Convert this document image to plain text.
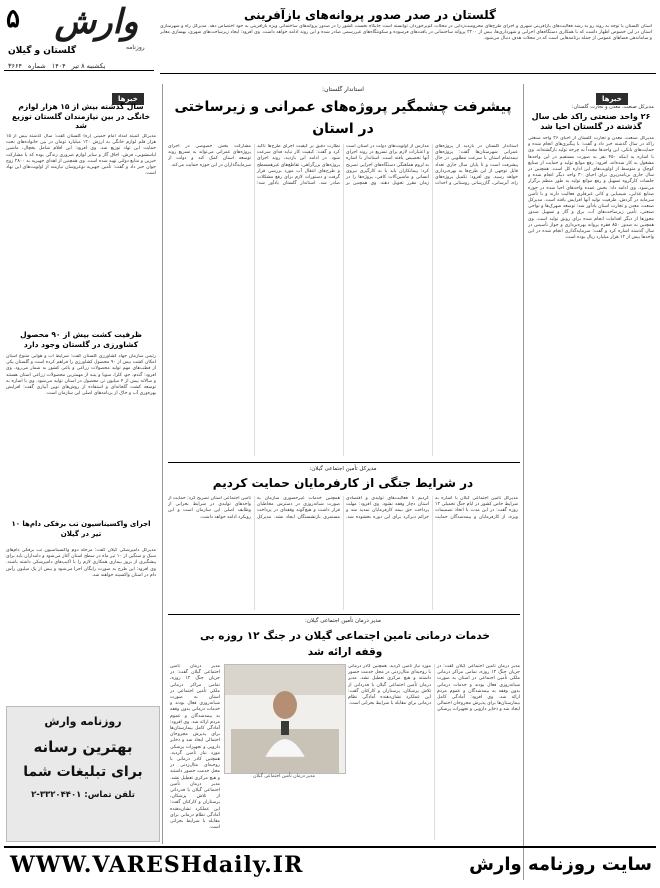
۵	وارش
روزنامه
گلستان و گیلان
یکشنبه ۸ تیر
۱۴۰۴
شماره
۳۶۶۴
گلستان در صدر صدور پروانه‌های بازآفرینی
استان گلستان با توجه به روند رو به رشد فعالیت‌های بازآفرینی شهری و اجرای طرح‌های محرومیت‌زدایی در محلات کم‌برخوردار، توانسته است جایگاه نخست کشور را در صدور پروانه‌های ساختمانی ویژه بازآفرینی به خود اختصاص دهد. مدیرکل راه و شهرسازی استان در این خصوص اظهار داشت که با همکاری دستگاه‌های اجرایی و شهرداری‌ها، بیش از ۲۲۰۰ پروانه ساختمانی در بافت‌های فرسوده و سکونتگاه‌های غیررسمی صادر شده و این روند ادامه خواهد داشت. وی افزود: ایجاد زیرساخت‌های شهری، بهسازی معابر و ساماندهی فضاهای عمومی از جمله برنامه‌هایی است که در محلات هدف دنبال می‌شود.
خبرها
مدیرکل صنعت، معدن و تجارت گلستان:
۲۶ واحد صنعتی راکد طی سال گذشته در گلستان احیا شد
مدیرکل صنعت، معدن و تجارت گلستان از احیای ۲۶ واحد صنعتی راکد در سال گذشته خبر داد و گفت: با پیگیری‌های انجام شده و حمایت‌های بانکی، این واحدها مجدداً به چرخه تولید بازگشته‌اند. وی با اشاره به اینکه ۴۵۰ نفر به صورت مستقیم در این واحدها مشغول به کار شده‌اند، افزود: رفع موانع تولید و حمایت از صنایع کوچک و متوسط از اولویت‌های این اداره کل است. همچنین در سال جاری برنامه‌ریزی برای احیای ۳۰ واحد دیگر انجام شده و جلسات کارگروه تسهیل و رفع موانع تولید به طور منظم برگزار می‌شود. وی ادامه داد: بخش عمده واحدهای احیا شده در حوزه صنایع غذایی، شیمیایی و کانی غیرفلزی فعالیت دارند و با تأمین سرمایه در گردش، ظرفیت تولید آنها افزایش یافته است. مدیرکل صنعت، معدن و تجارت استان یادآور شد: توسعه شهرک‌ها و نواحی صنعتی، تأمین زیرساخت‌های آب، برق و گاز و تسهیل صدور مجوزها از دیگر اقدامات انجام شده برای رونق تولید است. وی همچنین به صدور ۸۵۰ فقره پروانه بهره‌برداری و جواز تأسیس در سال گذشته اشاره کرد و گفت: سرمایه‌گذاری انجام شده در این واحدها بیش از ۱۲ هزار میلیارد ریال بوده است.
خبرها
سال گذشته بیش از ۱۵ هزار لوازم خانگی در بین نیازمندان گلستان توزیع شد
مدیرکل کمیته امداد امام خمینی (ره) گلستان گفت: سال گذشته بیش از ۱۵ هزار قلم لوازم خانگی به ارزش ۱۲۰ میلیارد تومان در بین خانواده‌های تحت حمایت این نهاد توزیع شد. وی افزود: این اقلام شامل یخچال، ماشین لباسشویی، فرش، اجاق گاز و سایر لوازم ضروری زندگی بوده که با مشارکت خیرین و منابع دولتی تهیه شده است. وی همچنین از اهدای جهیزیه به ۲۸۰۰ زوج جوان خبر داد و گفت: تأمین جهیزیه نوعروسان نیازمند از اولویت‌های این نهاد است.
ظرفیت کشت بیش از ۹۰ محصول کشاورزی در گلستان وجود دارد
رئیس سازمان جهاد کشاورزی گلستان گفت: شرایط آب و هوایی متنوع استان امکان کشت بیش از ۹۰ محصول کشاورزی را فراهم کرده است و گلستان یکی از قطب‌های مهم تولید محصولات زراعی و باغی کشور به شمار می‌رود. وی افزود: گندم، جو، کلزا، سویا و پنبه از مهمترین محصولات زراعی استان هستند و سالانه بیش از ۴ میلیون تن محصول در استان تولید می‌شود. وی با اشاره به توسعه کشت گلخانه‌ای و استفاده از روش‌های نوین آبیاری گفت: افزایش بهره‌وری آب و خاک از برنامه‌های اصلی این سازمان است.
اجرای واکسیناسیون تب برفکی دام‌ها ۱۰ تیر در گیلان
مدیرکل دامپزشکی گیلان گفت: مرحله دوم واکسیناسیون تب برفکی دام‌های سبک و سنگین از ۱۰ تیر ماه در سطح استان آغاز می‌شود و دامداران باید برای پیشگیری از بروز بیماری همکاری لازم را با اکیپ‌های دامپزشکی داشته باشند. وی افزود: این طرح به صورت رایگان اجرا می‌شود و بیش از یک میلیون رأس دام در استان واکسینه خواهند شد.
روزنامه وارش
بهترین رسانه
برای تبلیغات شما
تلفن تماس: ۳۳۲۰۴۴۰۱-۲
استاندار گلستان:
پیشرفت چشمگیر پروژه‌های عمرانی و زیرساختی در استان
استاندار گلستان در بازدید از پروژه‌های عمرانی شهرستان‌ها گفت: پروژه‌های نیمه‌تمام استان با سرعت مطلوبی در حال پیشرفت است و تا پایان سال جاری تعداد قابل توجهی از این طرح‌ها به بهره‌برداری خواهد رسید. وی افزود: تکمیل پروژه‌های راه، آبرسانی، گازرسانی روستایی و احداث مدارس از اولویت‌های دولت در استان است و اعتبارات لازم برای تسریع در روند اجرای آنها تخصیص یافته است. استاندار با اشاره به لزوم هماهنگی دستگاه‌های اجرایی تصریح کرد: پیمانکاران باید با به کارگیری نیروی انسانی و ماشین‌آلات کافی، پروژه‌ها را در زمان مقرر تحویل دهند. وی همچنین بر نظارت دقیق بر کیفیت اجرای طرح‌ها تأکید کرد و گفت: کیفیت کار نباید فدای سرعت شود. در ادامه این بازدید، روند اجرای پروژه‌های بزرگراهی، تقاطع‌های غیرهمسطح و طرح‌های انتقال آب مورد بررسی قرار گرفت و دستورات لازم برای رفع مشکلات صادر شد. استاندار گلستان یادآور شد: مشارکت بخش خصوصی در اجرای پروژه‌های عمرانی می‌تواند به تسریع روند توسعه استان کمک کند و دولت از سرمایه‌گذاران در این حوزه حمایت می‌کند.
مدیرکل تأمین اجتماعی گیلان:
در شرایط جنگی از کارفرمایان حمایت کردیم
مدیرکل تأمین اجتماعی گیلان با اشاره به شرایط خاص کشور در ایام جنگ تحمیلی ۱۲ روزه گفت: در این مدت با اتخاذ تصمیمات ویژه، از کارفرمایان و بیمه‌شدگان حمایت کردیم تا فعالیت‌های تولیدی و اقتصادی استان دچار وقفه نشود. وی افزود: مهلت پرداخت حق بیمه کارفرمایان تمدید شد و جرائم دیرکرد برای این دوره بخشوده شد. همچنین خدمات غیرحضوری سازمان به صورت شبانه‌روزی در دسترس مخاطبان قرار داشت و هیچ‌گونه وقفه‌ای در پرداخت مستمری بازنشستگان ایجاد نشد. مدیرکل تأمین اجتماعی استان تصریح کرد: حمایت از واحدهای تولیدی در شرایط بحرانی از وظایف اصلی این سازمان است و این رویکرد ادامه خواهد داشت.
مدیر درمان تأمین اجتماعی گیلان:
خدمات درمانی تامین اجتماعی گیلان در جنگ ۱۲ روزه بی وقفه ارائه شد
مدیر درمان تأمین اجتماعی گیلان گفت: در جریان جنگ ۱۲ روزه، تمامی مراکز درمانی ملکی تأمین اجتماعی در استان به صورت شبانه‌روزی فعال بودند و خدمات درمانی بدون وقفه به بیمه‌شدگان و عموم مردم ارائه شد. وی افزود: آمادگی کامل بیمارستان‌ها برای پذیرش مجروحان احتمالی ایجاد شد و ذخایر دارویی و تجهیزات پزشکی مورد نیاز تأمین گردید. همچنین کادر درمانی با روحیه‌ای مثال‌زدنی در محل خدمت حضور داشتند و هیچ مرکزی تعطیل نشد. مدیر درمان تأمین اجتماعی گیلان با قدردانی از تلاش پزشکان، پرستاران و کارکنان گفت: این عملکرد نشان‌دهنده آمادگی نظام درمانی برای مقابله با شرایط بحرانی است.
مدیر درمان تأمین اجتماعی گیلان
مدیر درمان تأمین اجتماعی گیلان گفت: در جریان جنگ ۱۲ روزه، تمامی مراکز درمانی ملکی تأمین اجتماعی در استان به صورت شبانه‌روزی فعال بودند و خدمات درمانی بدون وقفه به بیمه‌شدگان و عموم مردم ارائه شد. وی افزود: آمادگی کامل بیمارستان‌ها برای پذیرش مجروحان احتمالی ایجاد شد و ذخایر دارویی و تجهیزات پزشکی مورد نیاز تأمین گردید. همچنین کادر درمانی با روحیه‌ای مثال‌زدنی در محل خدمت حضور داشتند و هیچ مرکزی تعطیل نشد. مدیر درمان تأمین اجتماعی گیلان با قدردانی از تلاش پزشکان، پرستاران و کارکنان گفت: این عملکرد نشان‌دهنده آمادگی نظام درمانی برای مقابله با شرایط بحرانی است.
WWW.VARESHdaily.IR	سایت روزنامه وارش
